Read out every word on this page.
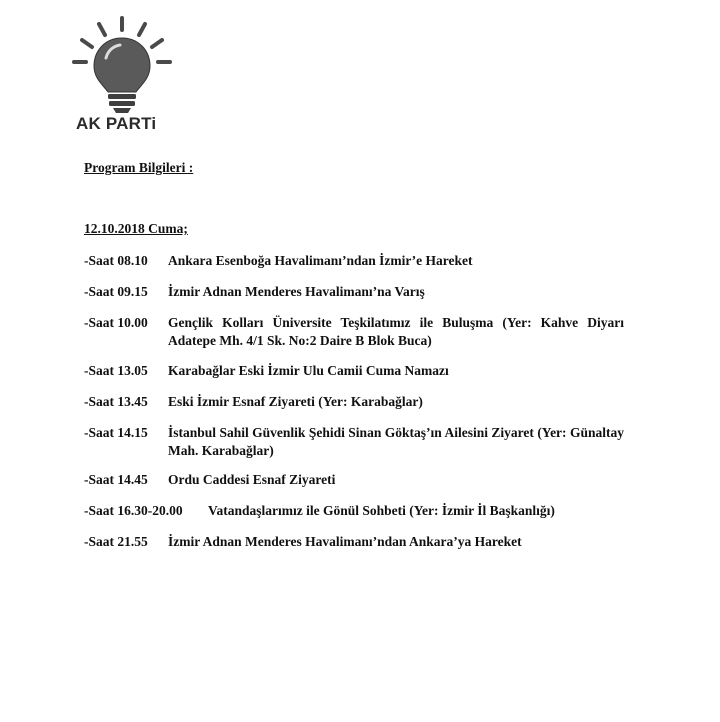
AK PARTi
Program Bilgileri :
12.10.2018 Cuma;
-Saat 08.10 Ankara Esenboğa Havalimanı’ndan İzmir’e Hareket
-Saat 09.15 İzmir Adnan Menderes Havalimanı’na Varış
-Saat 10.00 Gençlik Kolları Üniversite Teşkilatımız ile Buluşma (Yer: Kahve Diyarı Adatepe Mh. 4/1 Sk. No:2 Daire B Blok Buca)
-Saat 13.05 Karabağlar Eski İzmir Ulu Camii Cuma Namazı
-Saat 13.45 Eski İzmir Esnaf Ziyareti (Yer: Karabağlar)
-Saat 14.15 İstanbul Sahil Güvenlik Şehidi Sinan Göktaş’ın Ailesini Ziyaret (Yer: Günaltay Mah. Karabağlar)
-Saat 14.45 Ordu Caddesi Esnaf Ziyareti
-Saat 16.30-20.00 Vatandaşlarımız ile Gönül Sohbeti (Yer: İzmir İl Başkanlığı)
-Saat 21.55 İzmir Adnan Menderes Havalimanı’ndan Ankara’ya Hareket
